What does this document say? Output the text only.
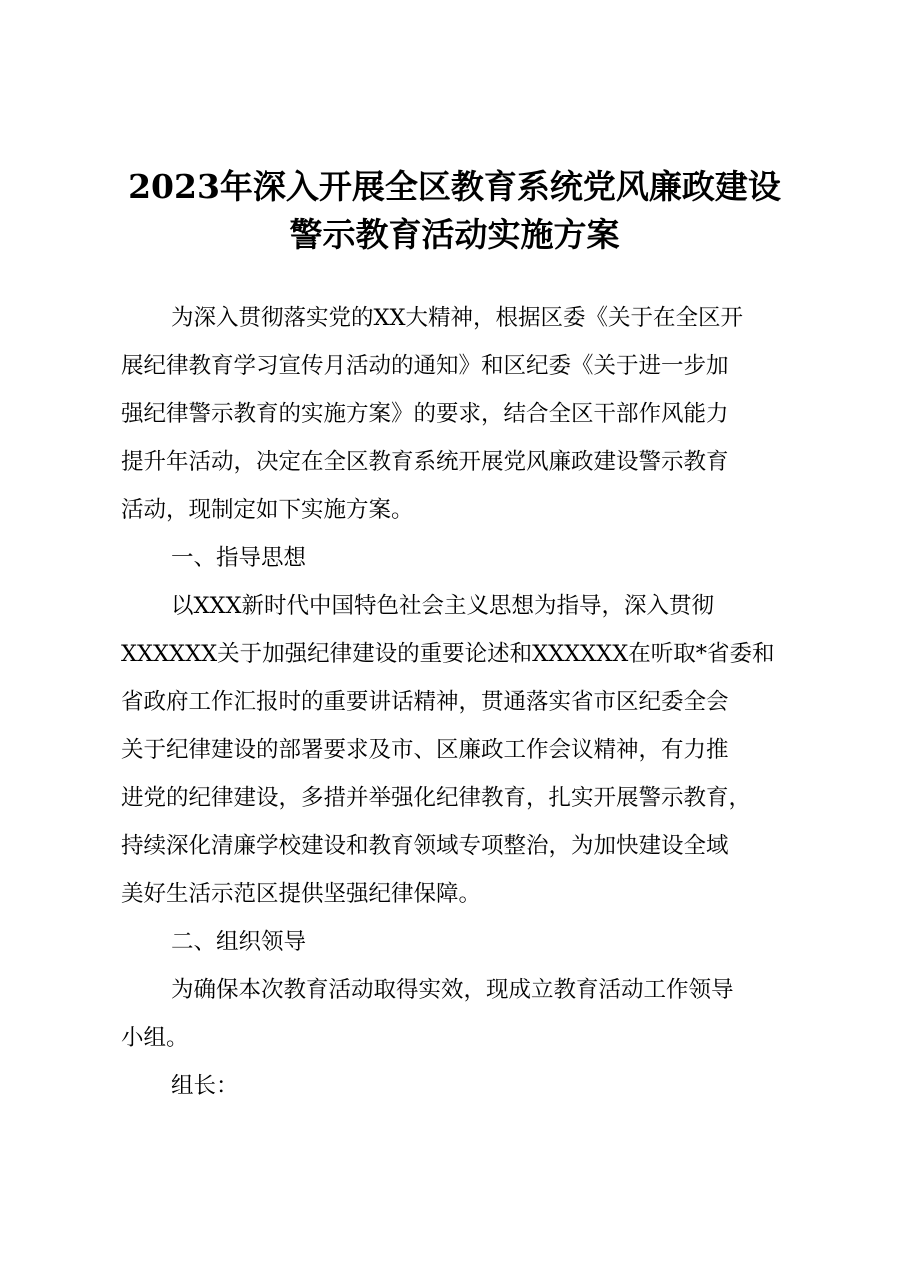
2023年深入开展全区教育系统党风廉政建设
警示教育活动实施方案
为深入贯彻落实党的XX大精神，根据区委《关于在全区开
展纪律教育学习宣传月活动的通知》和区纪委《关于进一步加
强纪律警示教育的实施方案》的要求，结合全区干部作风能力
提升年活动，决定在全区教育系统开展党风廉政建设警示教育
活动，现制定如下实施方案。
一、指导思想
以XXX新时代中国特色社会主义思想为指导，深入贯彻
XXXXXX关于加强纪律建设的重要论述和XXXXXX在听取*省委和
省政府工作汇报时的重要讲话精神，贯通落实省市区纪委全会
关于纪律建设的部署要求及市、区廉政工作会议精神，有力推
进党的纪律建设，多措并举强化纪律教育，扎实开展警示教育，
持续深化清廉学校建设和教育领域专项整治，为加快建设全域
美好生活示范区提供坚强纪律保障。
二、组织领导
为确保本次教育活动取得实效，现成立教育活动工作领导
小组。
组长：
